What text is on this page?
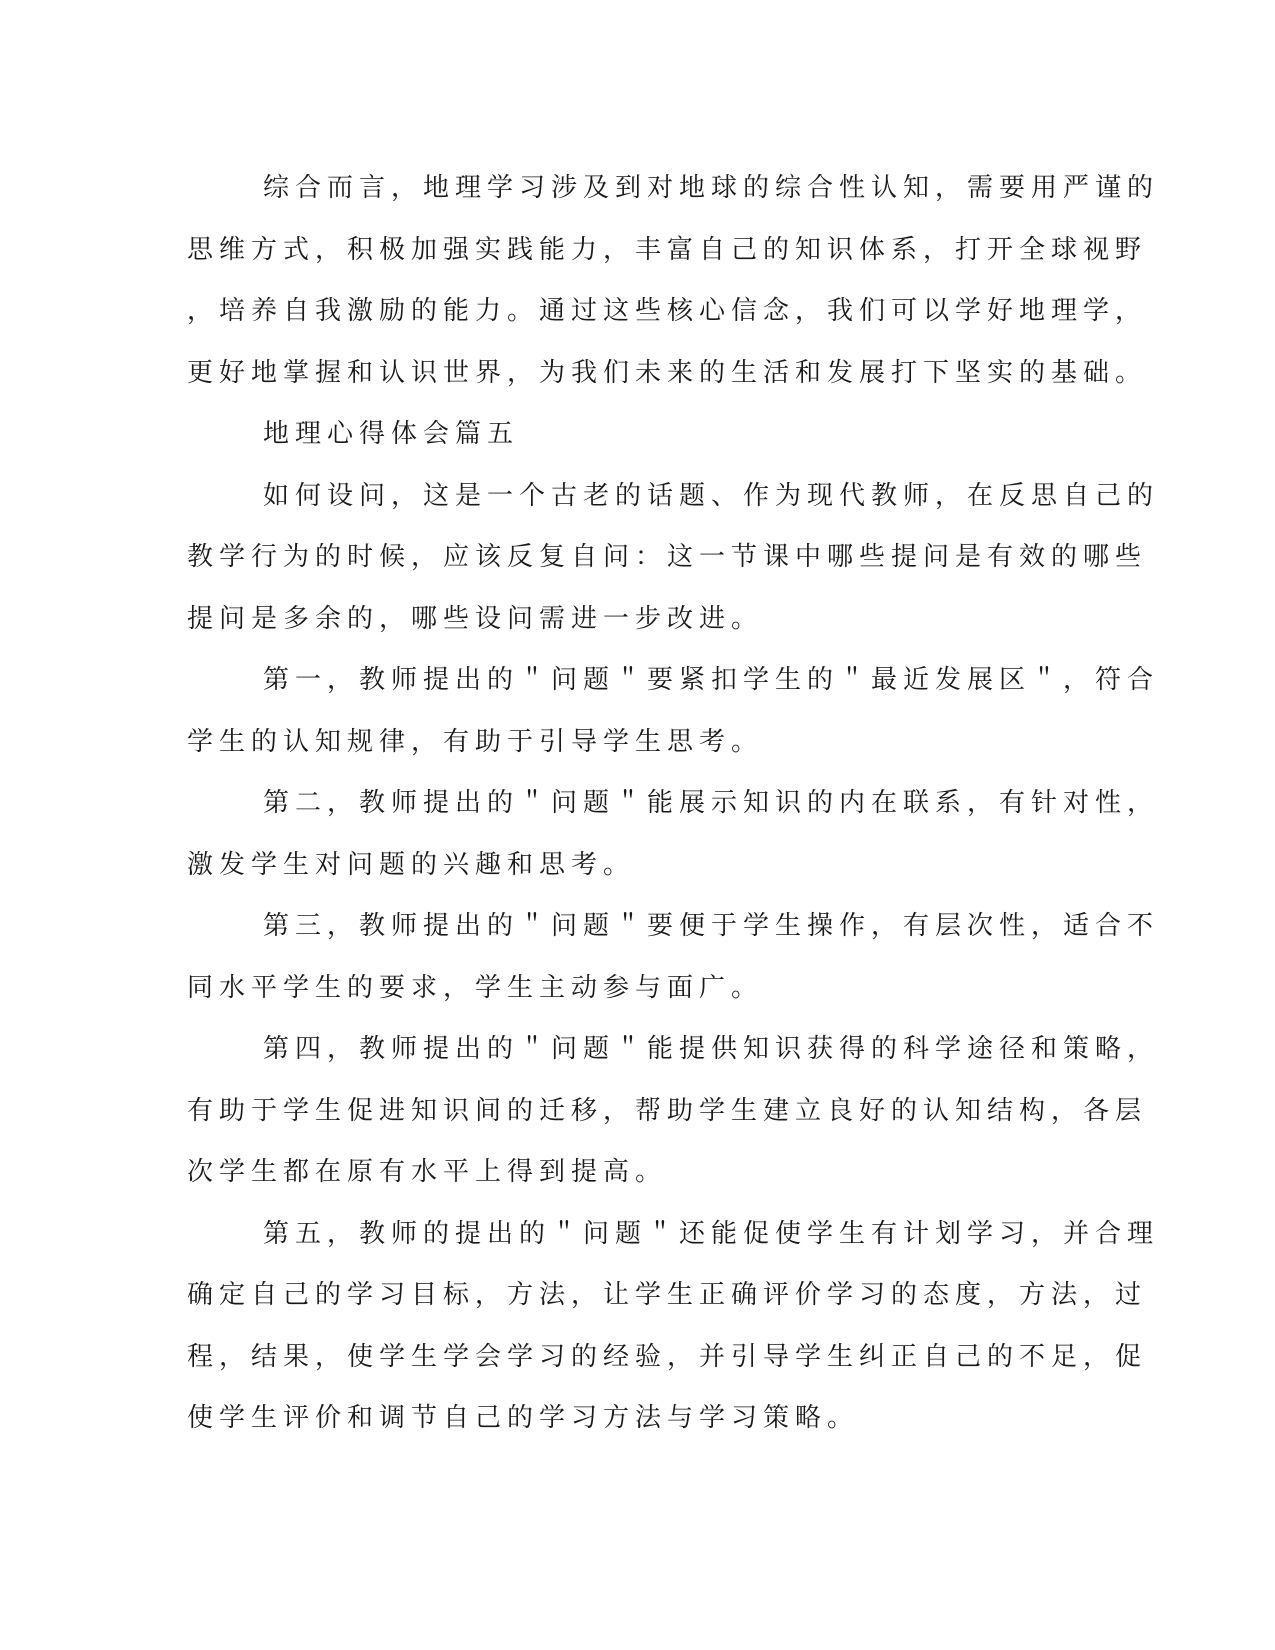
综合而言，地理学习涉及到对地球的综合性认知，需要用严谨的
思维方式，积极加强实践能力，丰富自己的知识体系，打开全球视野
，培养自我激励的能力。通过这些核心信念，我们可以学好地理学，
更好地掌握和认识世界，为我们未来的生活和发展打下坚实的基础。
地理心得体会篇五
如何设问，这是一个古老的话题、作为现代教师，在反思自己的
教学行为的时候，应该反复自问：这一节课中哪些提问是有效的哪些
提问是多余的，哪些设问需进一步改进。
第一，教师提出的＂问题＂要紧扣学生的＂最近发展区＂，符合
学生的认知规律，有助于引导学生思考。
第二，教师提出的＂问题＂能展示知识的内在联系，有针对性，
激发学生对问题的兴趣和思考。
第三，教师提出的＂问题＂要便于学生操作，有层次性，适合不
同水平学生的要求，学生主动参与面广。
第四，教师提出的＂问题＂能提供知识获得的科学途径和策略，
有助于学生促进知识间的迁移，帮助学生建立良好的认知结构，各层
次学生都在原有水平上得到提高。
第五，教师的提出的＂问题＂还能促使学生有计划学习，并合理
确定自己的学习目标，方法，让学生正确评价学习的态度，方法，过
程，结果，使学生学会学习的经验，并引导学生纠正自己的不足，促
使学生评价和调节自己的学习方法与学习策略。
